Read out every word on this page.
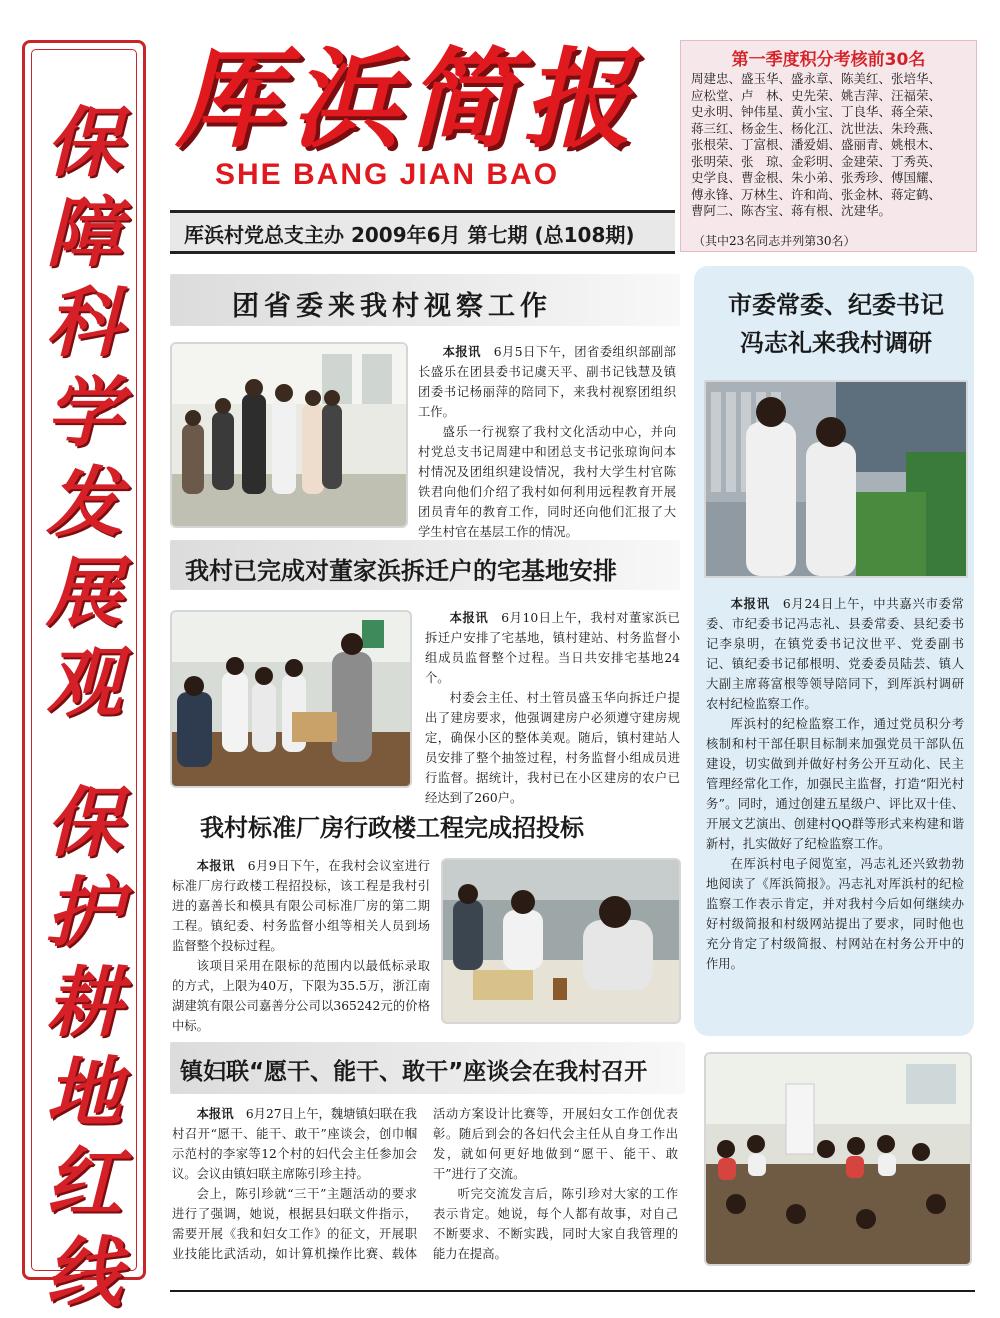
保障科学发展观
保护耕地红线
厍浜简报
SHE BANG JIAN BAO
厍浜村党总支主办 2009年6月 第七期 (总108期)
第一季度积分考核前30名
周建忠、盛玉华、盛永章、陈美红、张培华、
应松堂、卢　林、史先荣、姚吉萍、汪福荣、
史永明、钟伟星、黄小宝、丁良华、蒋全荣、
蒋三红、杨金生、杨化江、沈世法、朱玲燕、
张根荣、丁富根、潘爱娟、盛丽青、姚根木、
张明荣、张　琼、金彩明、金建荣、丁秀英、
史学良、曹金根、朱小弟、张秀珍、傅国耀、
傅永锋、万林生、许和尚、张金林、蒋定鹤、
曹阿二、陈杏宝、蒋有根、沈建华。
（其中23名同志并列第30名）
团省委来我村视察工作

本报讯　 6月5日下午，团省委组织部副部长盛乐在团县委书记虞天平、副书记钱慧及镇团委书记杨丽萍的陪同下，来我村视察团组织工作。

盛乐一行视察了我村文化活动中心，并向村党总支书记周建中和团总支书记张琼询问本村情况及团组织建设情况，我村大学生村官陈铁君向他们介绍了我村如何利用远程教育开展团员青年的教育工作，同时还向他们汇报了大学生村官在基层工作的情况。

我村已完成对董家浜拆迁户的宅基地安排

本报讯　 6月10日上午，我村对董家浜已拆迁户安排了宅基地，镇村建站、村务监督小组成员监督整个过程。当日共安排宅基地24个。

村委会主任、村土管员盛玉华向拆迁户提出了建房要求，他强调建房户必须遵守建房规定，确保小区的整体美观。随后，镇村建站人员安排了整个抽签过程，村务监督小组成员进行监督。据统计，我村已在小区建房的农户已经达到了260户。

我村标准厂房行政楼工程完成招投标

本报讯　 6月9日下午，在我村会议室进行标准厂房行政楼工程招投标，该工程是我村引进的嘉善长和模具有限公司标准厂房的第二期工程。镇纪委、村务监督小组等相关人员到场监督整个投标过程。

该项目采用在限标的范围内以最低标录取的方式，上限为40万，下限为35.5万，浙江南湖建筑有限公司嘉善分公司以365242元的价格中标。

镇妇联“愿干、能干、敢干”座谈会在我村召开

本报讯　 6月27日上午，魏塘镇妇联在我村召开“愿干、能干、敢干”座谈会，创巾帼示范村的李家等12个村的妇代会主任参加会议。会议由镇妇联主席陈引珍主持。

会上，陈引珍就“三干”主题活动的要求进行了强调，她说，根据县妇联文件指示，需要开展《我和妇女工作》的征文，开展职业技能比武活动，如计算机操作比赛、载体活动方案设计比赛等，开展妇女工作创优表彰。随后到会的各妇代会主任从自身工作出发，就如何更好地做到“愿干、能干、敢干”进行了交流。

听完交流发言后，陈引珍对大家的工作表示肯定。她说，每个人都有故事，对自己不断要求、不断实践，同时大家自我管理的能力在提高。

市委常委、纪委书记
冯志礼来我村调研

本报讯　 6月24日上午，中共嘉兴市委常委、市纪委书记冯志礼、县委常委、县纪委书记李泉明，在镇党委书记汶世平、党委副书记、镇纪委书记郁根明、党委委员陆芸、镇人大副主席蒋富根等领导陪同下，到厍浜村调研农村纪检监察工作。

厍浜村的纪检监察工作，通过党员积分考核制和村干部任职目标制来加强党员干部队伍建设，切实做到并做好村务公开互动化、民主管理经常化工作，加强民主监督，打造“阳光村务”。同时，通过创建五星级户、评比双十佳、开展文艺演出、创建村QQ群等形式来构建和谐新村，扎实做好了纪检监察工作。

在厍浜村电子阅览室，冯志礼还兴致勃勃地阅读了《厍浜简报》。冯志礼对厍浜村的纪检监察工作表示肯定，并对我村今后如何继续办好村级简报和村级网站提出了要求，同时他也充分肯定了村级简报、村网站在村务公开中的作用。
